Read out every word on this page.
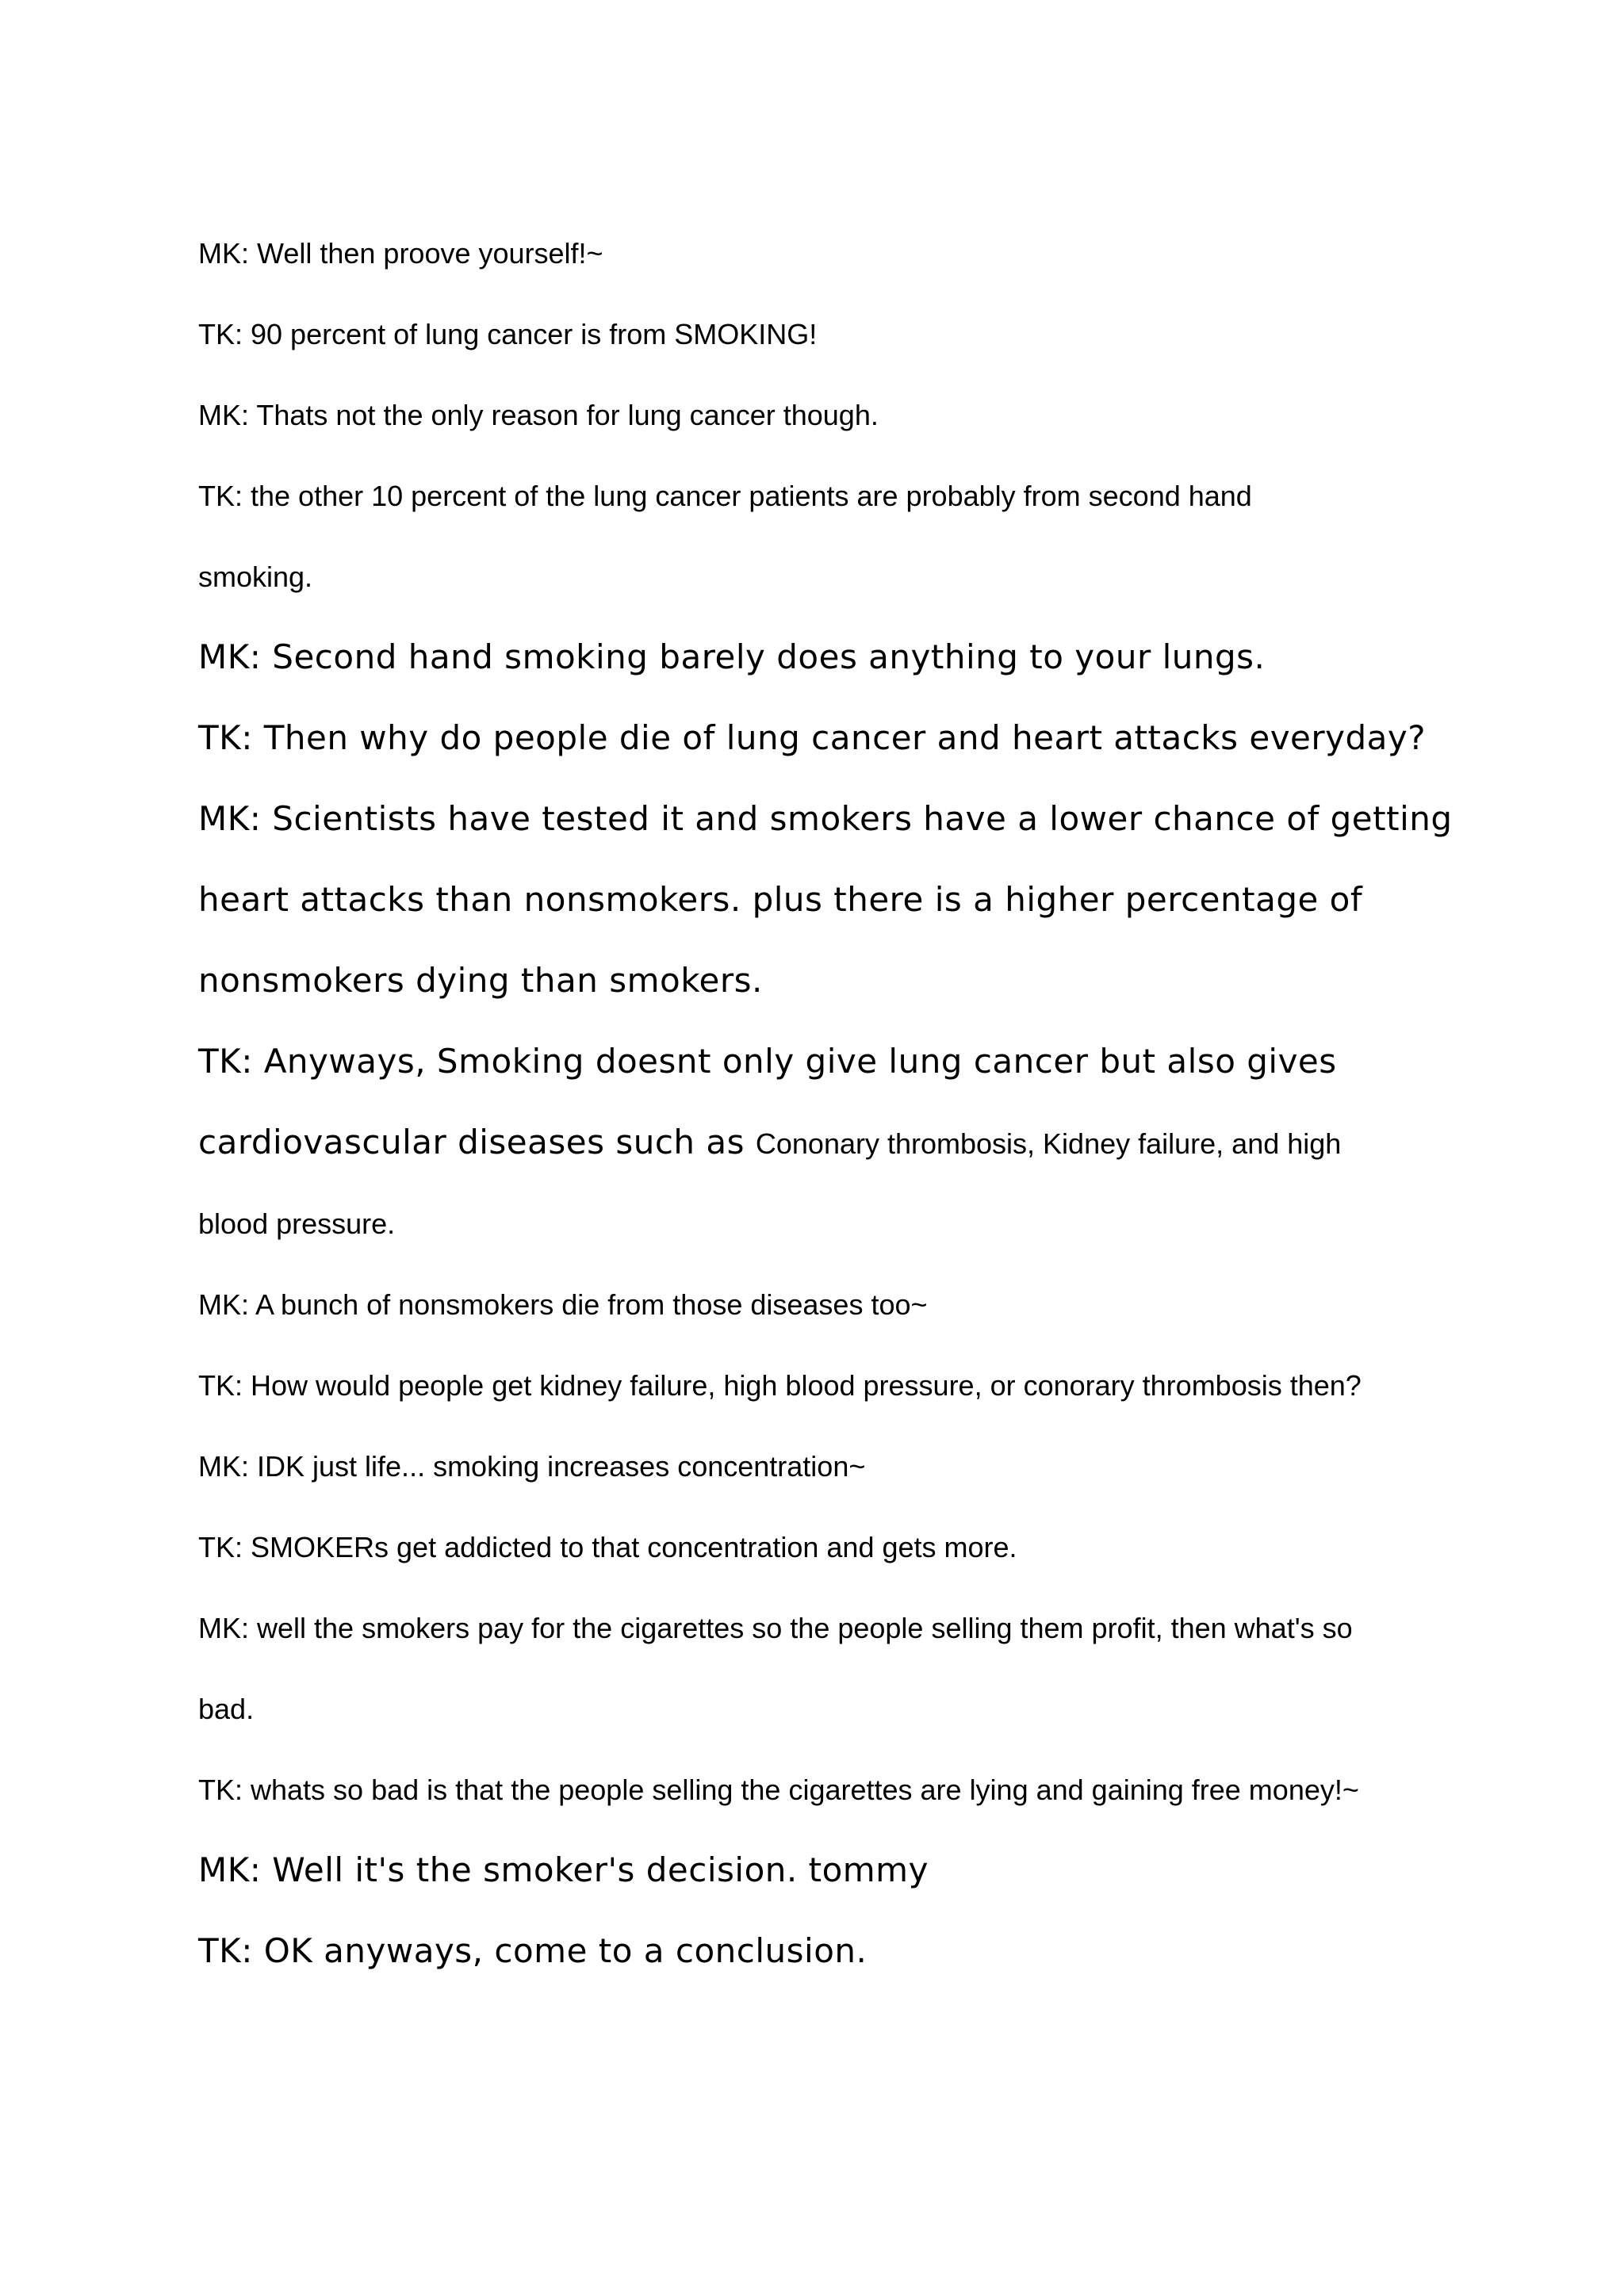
MK: Well then proove yourself!~
TK: 90 percent of lung cancer is from SMOKING!
MK: Thats not the only reason for lung cancer though.
TK: the other 10 percent of the lung cancer patients are probably from second hand
smoking.
MK: Second hand smoking barely does anything to your lungs.
TK: Then why do people die of lung cancer and heart attacks everyday?
MK: Scientists have tested it and smokers have a lower chance of getting
heart attacks than nonsmokers. plus there is a higher percentage of
nonsmokers dying than smokers.
TK: Anyways, Smoking doesnt only give lung cancer but also gives
cardiovascular diseases such as Cononary thrombosis, Kidney failure, and high
blood pressure.
MK: A bunch of nonsmokers die from those diseases too~
TK: How would people get kidney failure, high blood pressure, or conorary thrombosis then?
MK: IDK just life... smoking increases concentration~
TK: SMOKERs get addicted to that concentration and gets more.
MK: well the smokers pay for the cigarettes so the people selling them profit, then what's so
bad.
TK: whats so bad is that the people selling the cigarettes are lying and gaining free money!~
MK: Well it's the smoker's decision. tommy
TK: OK anyways, come to a conclusion.
